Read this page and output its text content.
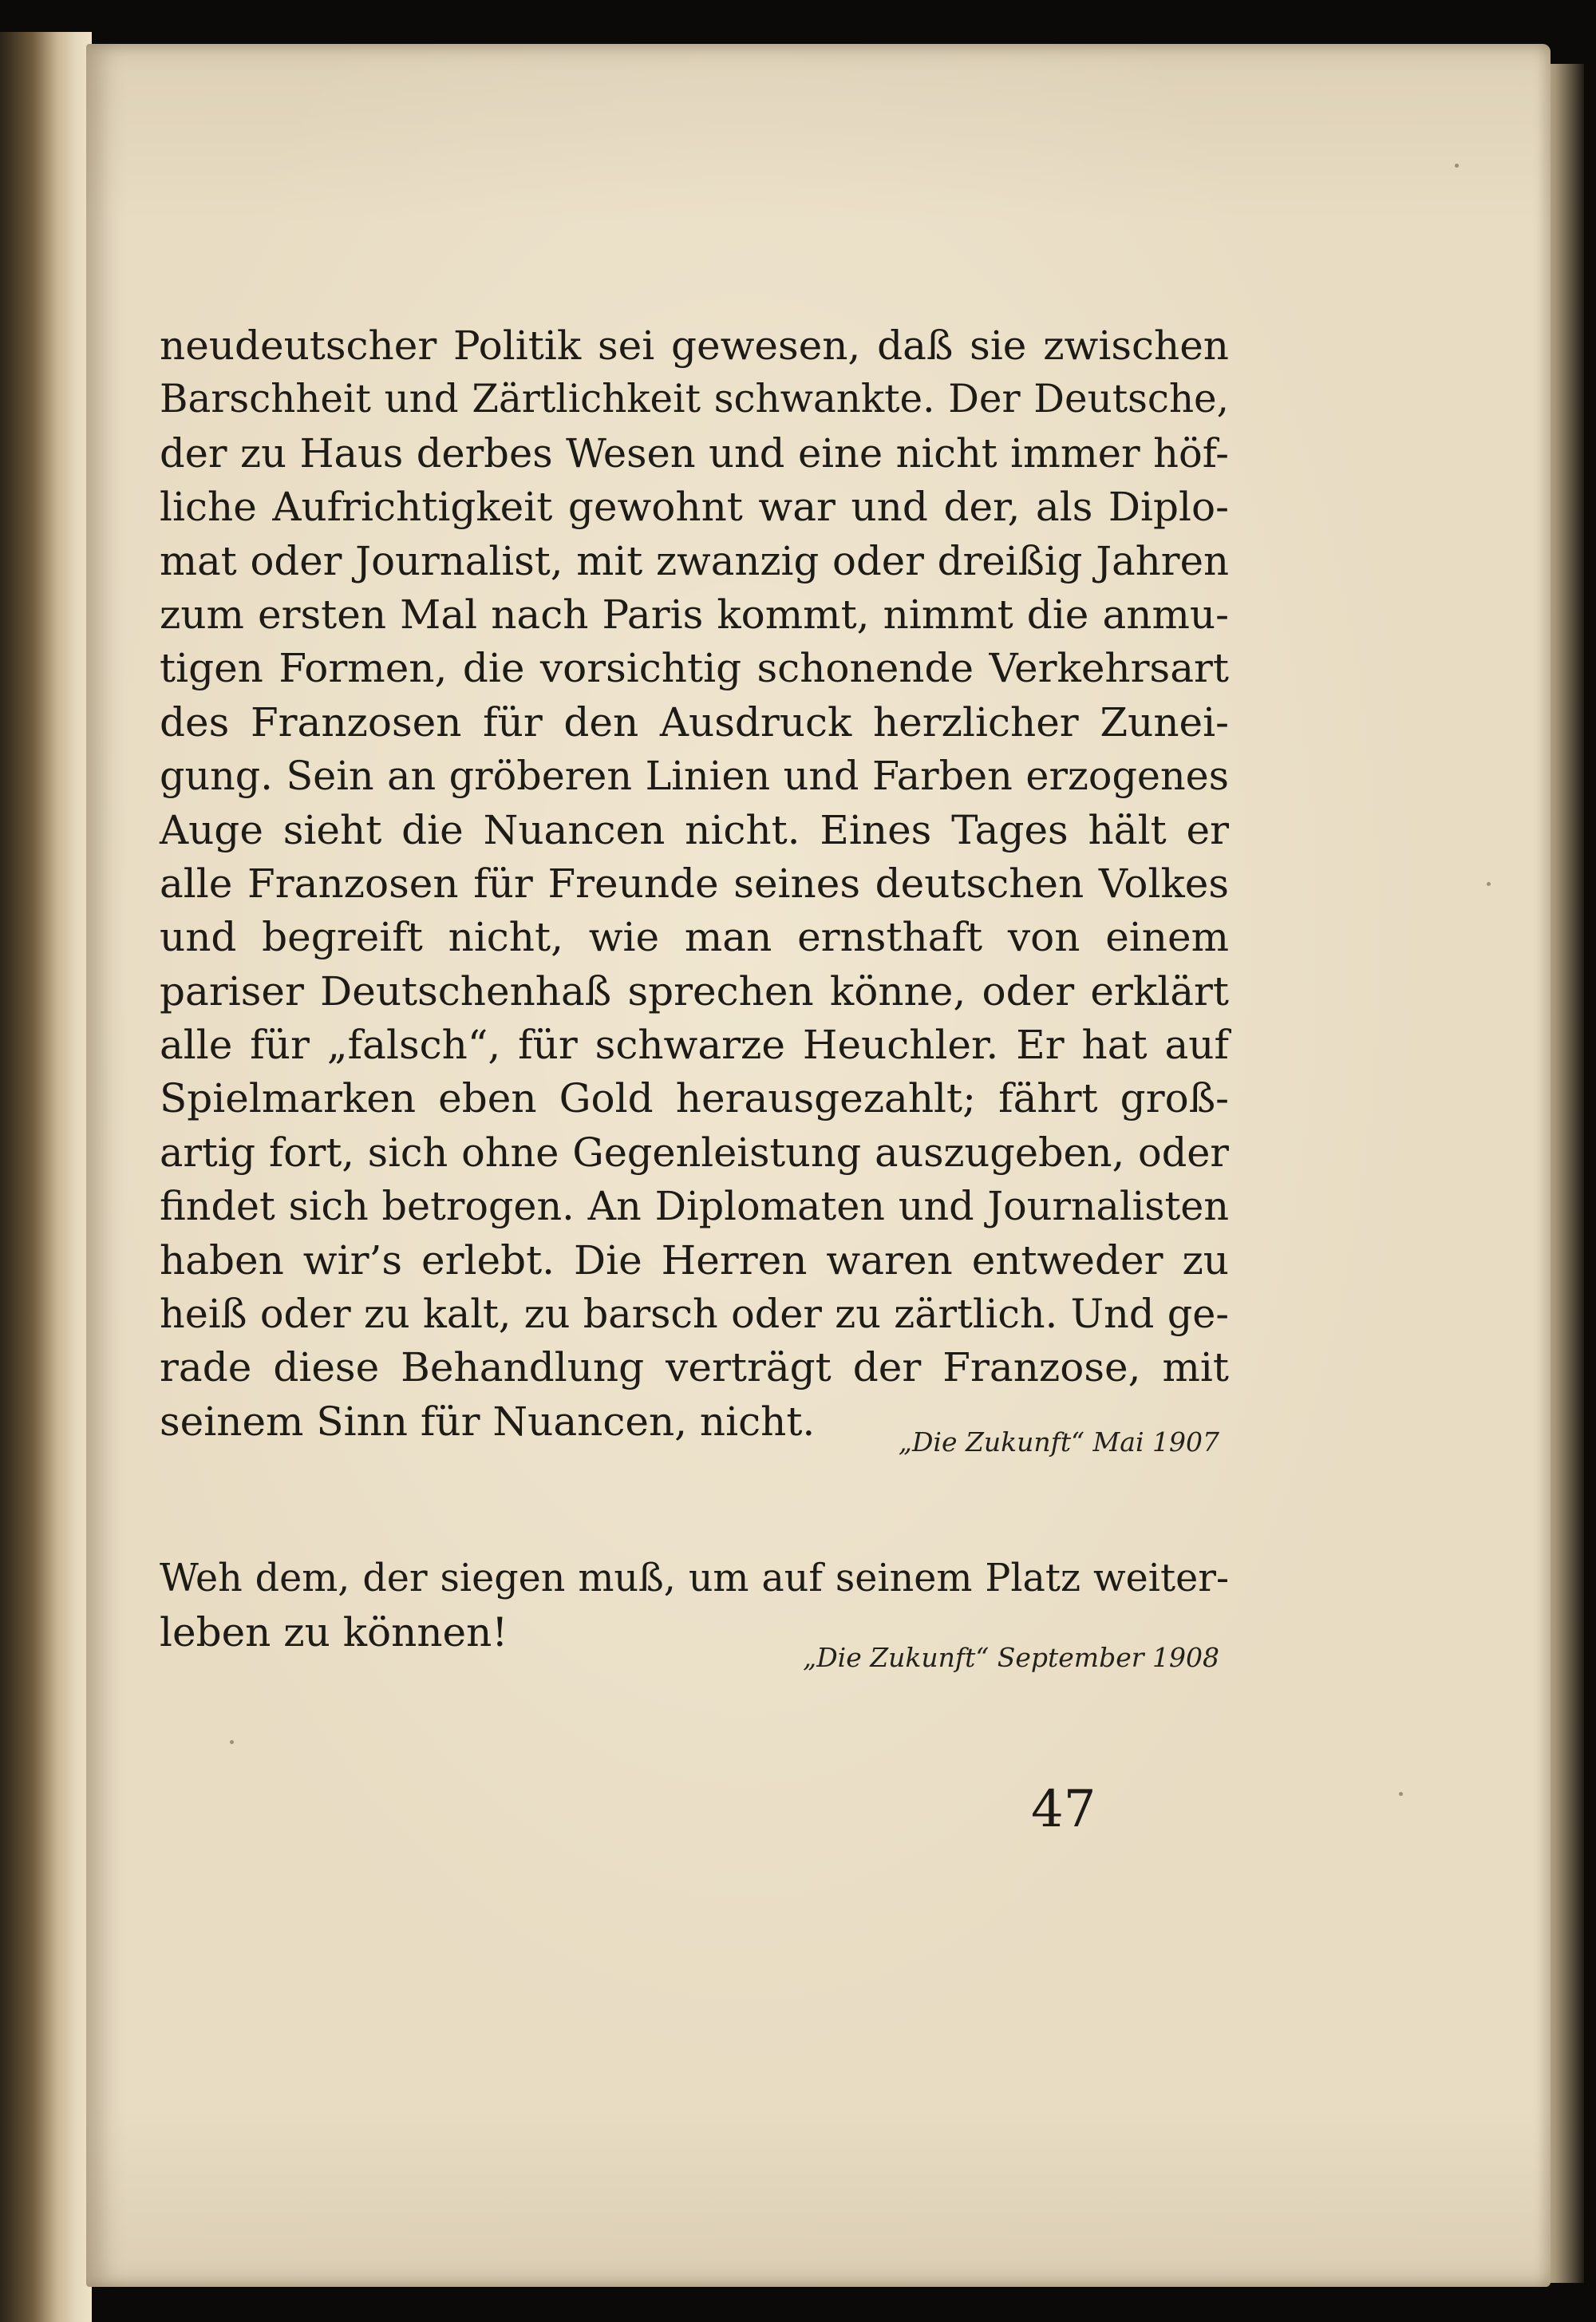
neudeutscher Politik sei gewesen, daß sie zwischen
Barschheit und Zärtlichkeit schwankte. Der Deutsche,
der zu Haus derbes Wesen und eine nicht immer höf-
liche Aufrichtigkeit gewohnt war und der, als Diplo-
mat oder Journalist, mit zwanzig oder dreißig Jahren
zum ersten Mal nach Paris kommt, nimmt die anmu-
tigen Formen, die vorsichtig schonende Verkehrsart
des Franzosen für den Ausdruck herzlicher Zunei-
gung. Sein an gröberen Linien und Farben erzogenes
Auge sieht die Nuancen nicht. Eines Tages hält er
alle Franzosen für Freunde seines deutschen Volkes
und begreift nicht, wie man ernsthaft von einem
pariser Deutschenhaß sprechen könne, oder erklärt
alle für „falsch“, für schwarze Heuchler. Er hat auf
Spielmarken eben Gold herausgezahlt; fährt groß-
artig fort, sich ohne Gegenleistung auszugeben, oder
findet sich betrogen. An Diplomaten und Journalisten
haben wir’s erlebt. Die Herren waren entweder zu
heiß oder zu kalt, zu barsch oder zu zärtlich. Und ge-
rade diese Behandlung verträgt der Franzose, mit
seinem Sinn für Nuancen, nicht.	„Die Zukunft“ Mai 1907
Weh dem, der siegen muß, um auf seinem Platz weiter-
leben zu können!
„Die Zukunft“ September 1908
47
